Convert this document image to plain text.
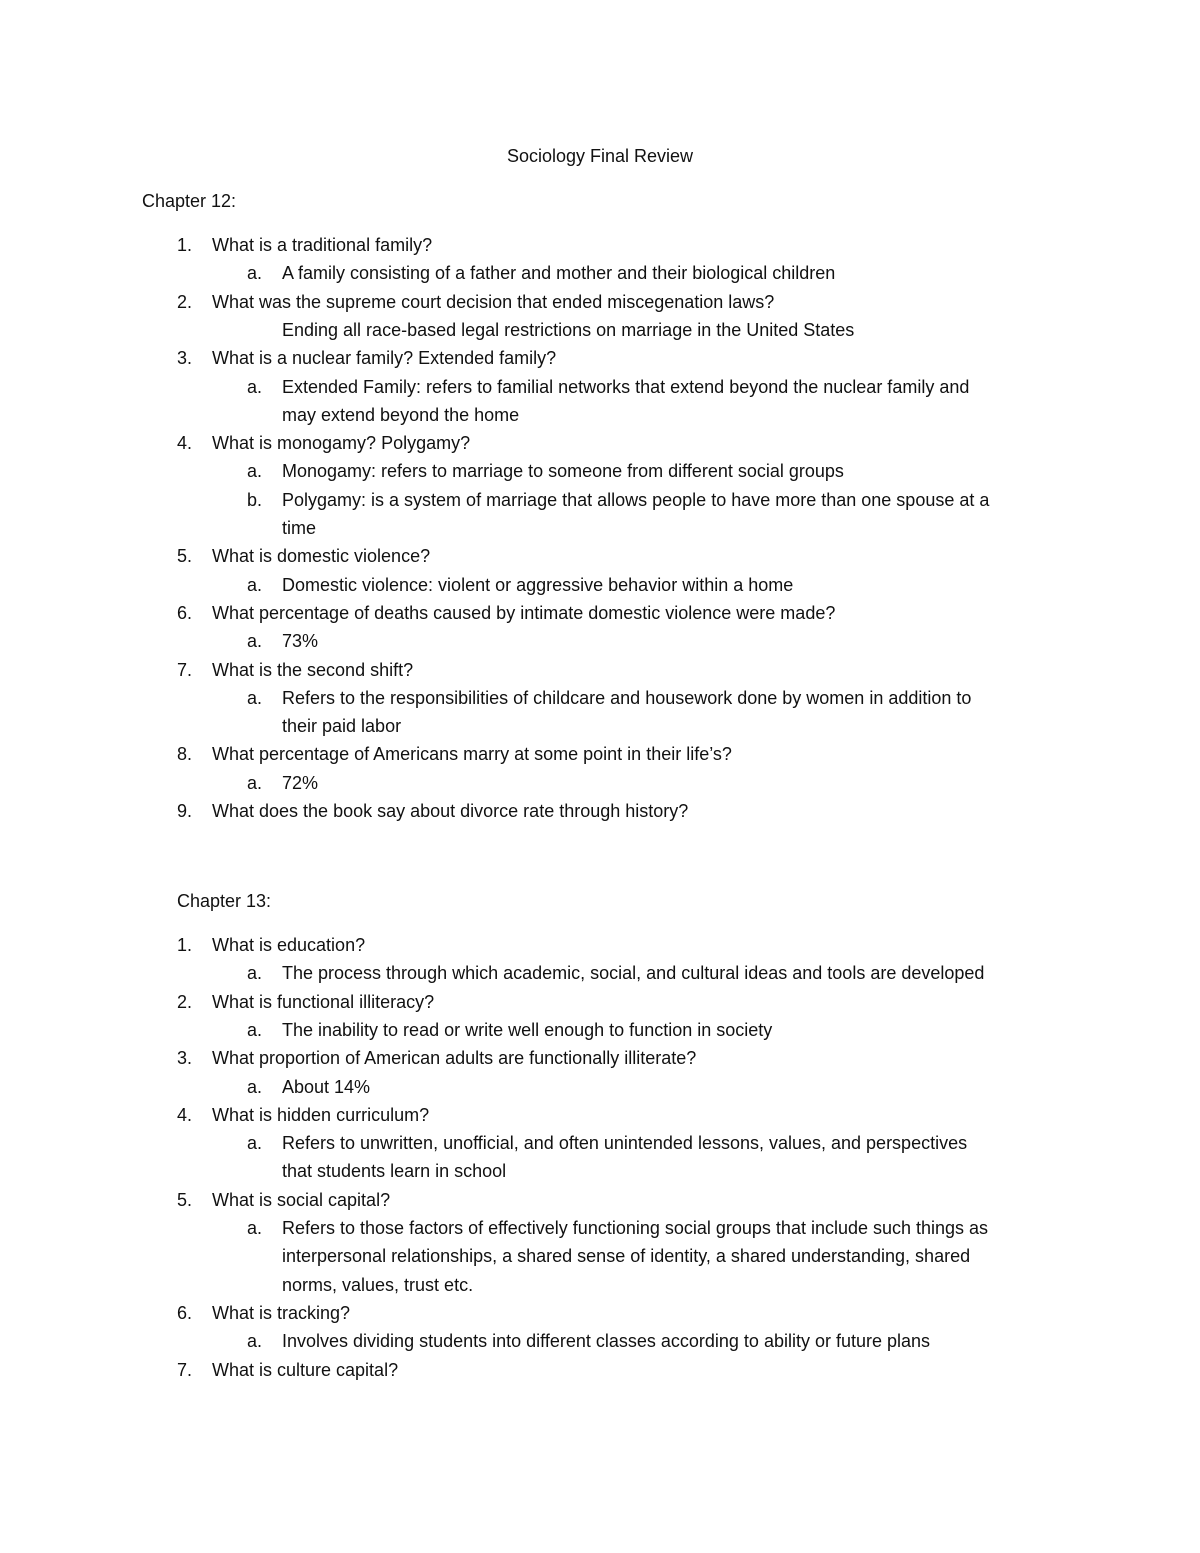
Sociology Final Review
Chapter 12:
1.	What is a traditional family?
a.	A family consisting of a father and mother and their biological children
2.	What was the supreme court decision that ended miscegenation laws?
Ending all race-based legal restrictions on marriage in the United States
3.	What is a nuclear family? Extended family?
a.	Extended Family: refers to familial networks that extend beyond the nuclear family and
may extend beyond the home
4.	What is monogamy? Polygamy?
a.	Monogamy: refers to marriage to someone from different social groups
b.	Polygamy: is a system of marriage that allows people to have more than one spouse at a
time
5.	What is domestic violence?
a.	Domestic violence: violent or aggressive behavior within a home
6.	What percentage of deaths caused by intimate domestic violence were made?
a.	73%
7.	What is the second shift?
a.	Refers to the responsibilities of childcare and housework done by women in addition to
their paid labor
8.	What percentage of Americans marry at some point in their life’s?
a.	72%
9.	What does the book say about divorce rate through history?
Chapter 13:
1.	What is education?
a.	The process through which academic, social, and cultural ideas and tools are developed
2.	What is functional illiteracy?
a.	The inability to read or write well enough to function in society
3.	What proportion of American adults are functionally illiterate?
a.	About 14%
4.	What is hidden curriculum?
a.	Refers to unwritten, unofficial, and often unintended lessons, values, and perspectives
that students learn in school
5.	What is social capital?
a.	Refers to those factors of effectively functioning social groups that include such things as
interpersonal relationships, a shared sense of identity, a shared understanding, shared
norms, values, trust etc.
6.	What is tracking?
a.	Involves dividing students into different classes according to ability or future plans
7.	What is culture capital?
